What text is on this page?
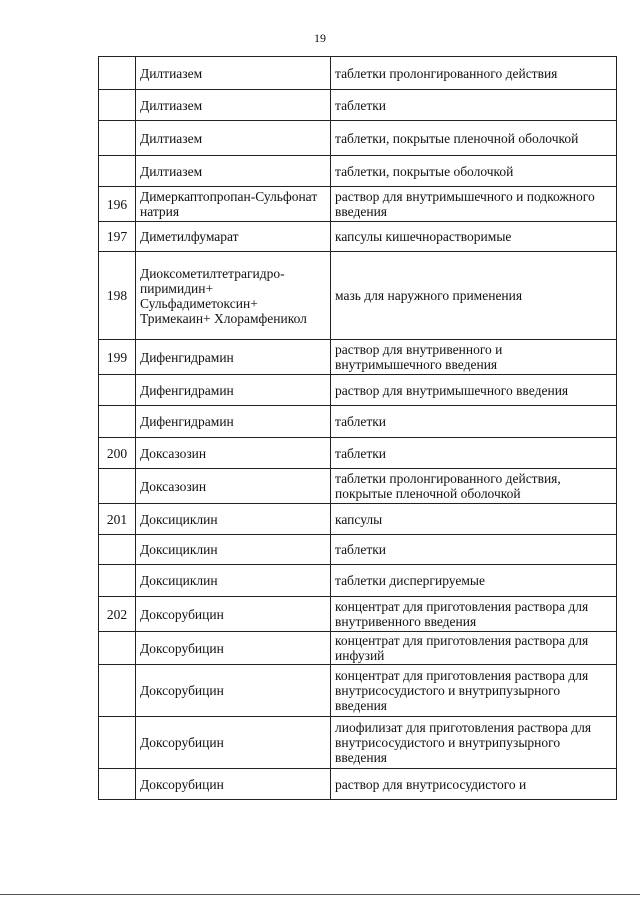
19
	Дилтиазем	таблетки пролонгированного действия
	Дилтиазем	таблетки
	Дилтиазем	таблетки, покрытые пленочной оболочкой
	Дилтиазем	таблетки, покрытые оболочкой
196	Димеркаптопропан-Сульфонат натрия	раствор для внутримышечного и подкожного введения
197	Диметилфумарат	капсулы кишечнорастворимые
198	Диоксометилтетрагидро-пиримидин+ Сульфадиметоксин+ Тримекаин+ Хлорамфеникол	мазь для наружного применения
199	Дифенгидрамин	раствор для внутривенного и внутримышечного введения
	Дифенгидрамин	раствор для внутримышечного введения
	Дифенгидрамин	таблетки
200	Доксазозин	таблетки
	Доксазозин	таблетки пролонгированного действия, покрытые пленочной оболочкой
201	Доксициклин	капсулы
	Доксициклин	таблетки
	Доксициклин	таблетки диспергируемые
202	Доксорубицин	концентрат для приготовления раствора для внутривенного введения
	Доксорубицин	концентрат для приготовления раствора для инфузий
	Доксорубицин	концентрат для приготовления раствора для внутрисосудистого и внутрипузырного введения
	Доксорубицин	лиофилизат для приготовления раствора для внутрисосудистого и внутрипузырного введения
	Доксорубицин	раствор для внутрисосудистого и
